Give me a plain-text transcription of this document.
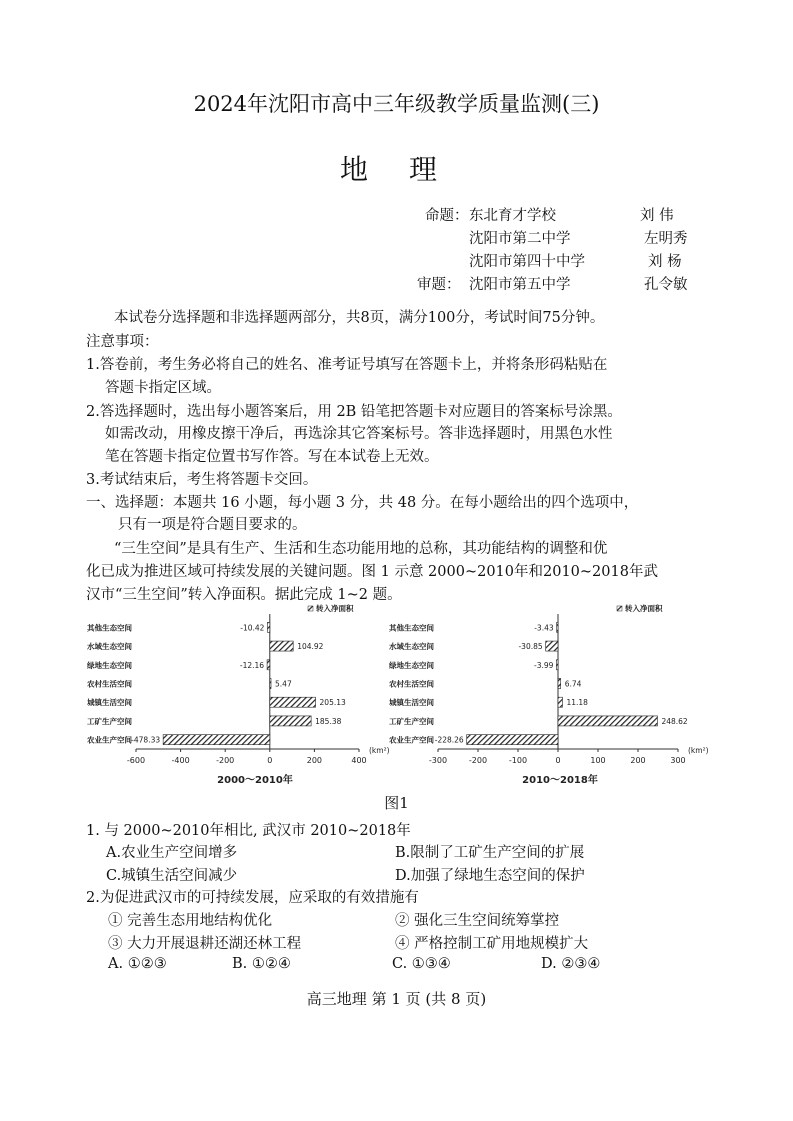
2024年沈阳市高中三年级教学质量监测(三)
地 理
命题： 东北育才学校	刘 伟
沈阳市第二中学	左明秀
沈阳市第四十中学	刘 杨
审题： 沈阳市第五中学	孔令敏
本试卷分选择题和非选择题两部分，共8页，满分100分，考试时间75分钟。
注意事项：
1.答卷前，考生务必将自己的姓名、准考证号填写在答题卡上，并将条形码粘贴在
答题卡指定区域。
2.答选择题时，选出每小题答案后，用 2B 铅笔把答题卡对应题目的答案标号涂黑。
如需改动，用橡皮擦干净后，再选涂其它答案标号。答非选择题时，用黑色水性
笔在答题卡指定位置书写作答。写在本试卷上无效。
3.考试结束后，考生将答题卡交回。
一、选择题：本题共 16 小题，每小题 3 分，共 48 分。在每小题给出的四个选项中，
只有一项是符合题目要求的。
“三生空间”是具有生产、生活和生态功能用地的总称，其功能结构的调整和优
化已成为推进区域可持续发展的关键问题。图 1 示意 2000~2010年和2010~2018年武
汉市“三生空间”转入净面积。据此完成 1~2 题。
-600	-400	-200	0	200	400
(km²)
其他生态空间	-10.42
水域生态空间	104.92
绿地生态空间	-12.16
农村生活空间	5.47
城镇生活空间	205.13
工矿生产空间	185.38
农业生产空间 -478.33
转入净面积
2000～2010年
-300	-200	-100	0	100	200	300
(km²)
其他生态空间	-3.43
水域生态空间	-30.85
绿地生态空间	-3.99
农村生活空间	6.74
城镇生活空间	11.18
工矿生产空间	248.62
农业生产空间 -228.26
转入净面积
2010～2018年
图1
1. 与 2000~2010年相比, 武汉市 2010~2018年
A.农业生产空间增多	B.限制了工矿生产空间的扩展
C.城镇生活空间减少	D.加强了绿地生态空间的保护
2.为促进武汉市的可持续发展，应采取的有效措施有
① 完善生态用地结构优化	② 强化三生空间统筹掌控
③ 大力开展退耕还湖还林工程	④ 严格控制工矿用地规模扩大
A. ①②③	B. ①②④	C. ①③④	D. ②③④
高三地理 第 1 页 (共 8 页)
